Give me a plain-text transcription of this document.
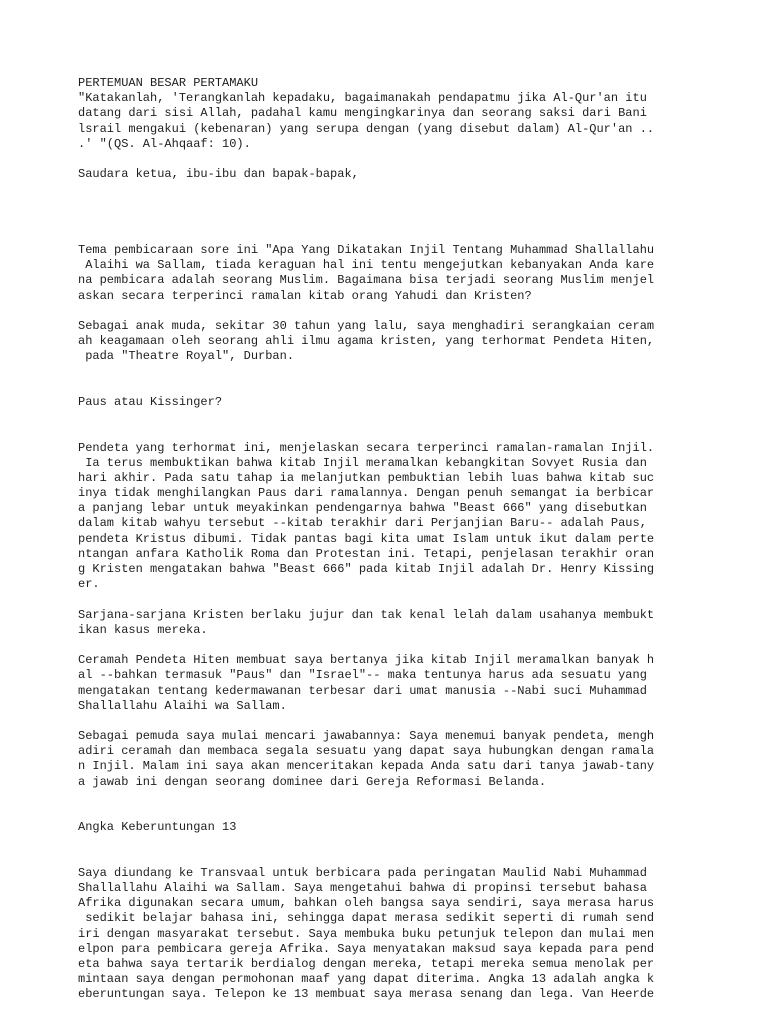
PERTEMUAN BESAR PERTAMAKU
"Katakanlah, 'Terangkanlah kepadaku, bagaimanakah pendapatmu jika Al-Qur'an itu
datang dari sisi Allah, padahal kamu mengingkarinya dan seorang saksi dari Bani
lsrail mengakui (kebenaran) yang serupa dengan (yang disebut dalam) Al-Qur'an ..
.' "(QS. Al-Ahqaaf: 10).
Saudara ketua, ibu-ibu dan bapak-bapak,
Tema pembicaraan sore ini "Apa Yang Dikatakan Injil Tentang Muhammad Shallallahu
Alaihi wa Sallam, tiada keraguan hal ini tentu mengejutkan kebanyakan Anda kare
na pembicara adalah seorang Muslim. Bagaimana bisa terjadi seorang Muslim menjel
askan secara terperinci ramalan kitab orang Yahudi dan Kristen?
Sebagai anak muda, sekitar 30 tahun yang lalu, saya menghadiri serangkaian ceram
ah keagamaan oleh seorang ahli ilmu agama kristen, yang terhormat Pendeta Hiten,
pada "Theatre Royal", Durban.
Paus atau Kissinger?
Pendeta yang terhormat ini, menjelaskan secara terperinci ramalan-ramalan Injil.
Ia terus membuktikan bahwa kitab Injil meramalkan kebangkitan Sovyet Rusia dan
hari akhir. Pada satu tahap ia melanjutkan pembuktian lebih luas bahwa kitab suc
inya tidak menghilangkan Paus dari ramalannya. Dengan penuh semangat ia berbicar
a panjang lebar untuk meyakinkan pendengarnya bahwa "Beast 666" yang disebutkan
dalam kitab wahyu tersebut --kitab terakhir dari Perjanjian Baru-- adalah Paus,
pendeta Kristus dibumi. Tidak pantas bagi kita umat Islam untuk ikut dalam perte
ntangan anfara Katholik Roma dan Protestan ini. Tetapi, penjelasan terakhir oran
g Kristen mengatakan bahwa "Beast 666" pada kitab Injil adalah Dr. Henry Kissing
er.
Sarjana-sarjana Kristen berlaku jujur dan tak kenal lelah dalam usahanya membukt
ikan kasus mereka.
Ceramah Pendeta Hiten membuat saya bertanya jika kitab Injil meramalkan banyak h
al --bahkan termasuk "Paus" dan "Israel"-- maka tentunya harus ada sesuatu yang
mengatakan tentang kedermawanan terbesar dari umat manusia --Nabi suci Muhammad
Shallallahu Alaihi wa Sallam.
Sebagai pemuda saya mulai mencari jawabannya: Saya menemui banyak pendeta, mengh
adiri ceramah dan membaca segala sesuatu yang dapat saya hubungkan dengan ramala
n Injil. Malam ini saya akan menceritakan kepada Anda satu dari tanya jawab-tany
a jawab ini dengan seorang dominee dari Gereja Reformasi Belanda.
Angka Keberuntungan 13
Saya diundang ke Transvaal untuk berbicara pada peringatan Maulid Nabi Muhammad
Shallallahu Alaihi wa Sallam. Saya mengetahui bahwa di propinsi tersebut bahasa
Afrika digunakan secara umum, bahkan oleh bangsa saya sendiri, saya merasa harus
sedikit belajar bahasa ini, sehingga dapat merasa sedikit seperti di rumah send
iri dengan masyarakat tersebut. Saya membuka buku petunjuk telepon dan mulai men
elpon para pembicara gereja Afrika. Saya menyatakan maksud saya kepada para pend
eta bahwa saya tertarik berdialog dengan mereka, tetapi mereka semua menolak per
mintaan saya dengan permohonan maaf yang dapat diterima. Angka 13 adalah angka k
eberuntungan saya. Telepon ke 13 membuat saya merasa senang dan lega. Van Heerde
